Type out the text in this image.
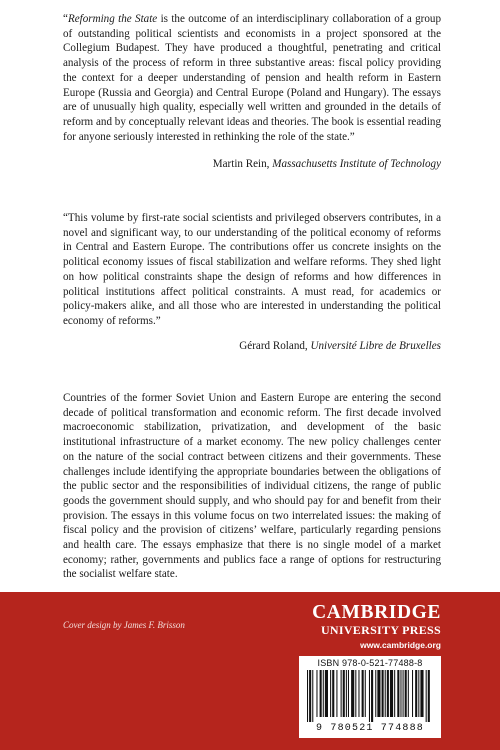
“Reforming the State is the outcome of an interdisciplinary collaboration of a group of outstanding political scientists and economists in a project sponsored at the Collegium Budapest. They have produced a thoughtful, penetrating and critical analysis of the process of reform in three substantive areas: fiscal policy providing the context for a deeper understanding of pension and health reform in Eastern Europe (Russia and Georgia) and Central Europe (Poland and Hungary). The essays are of unusually high quality, especially well written and grounded in the details of reform and by conceptually relevant ideas and theories. The book is essential reading for anyone seriously interested in rethinking the role of the state.”

Martin Rein, Massachusetts Institute of Technology

“This volume by first-rate social scientists and privileged observers contributes, in a novel and significant way, to our understanding of the political economy of reforms in Central and Eastern Europe. The contributions offer us concrete insights on the political economy issues of fiscal stabilization and welfare reforms. They shed light on how political constraints shape the design of reforms and how differences in political institutions affect political constraints. A must read, for academics or policy-makers alike, and all those who are interested in understanding the political economy of reforms.”

Gérard Roland, Université Libre de Bruxelles

Countries of the former Soviet Union and Eastern Europe are entering the second decade of political transformation and economic reform. The first decade involved macroeconomic stabilization, privatization, and development of the basic institutional infrastructure of a market economy. The new policy challenges center on the nature of the social contract between citizens and their governments. These challenges include identifying the appropriate boundaries between the obligations of the public sector and the responsibilities of individual citizens, the range of public goods the government should supply, and who should pay for and benefit from their provision. The essays in this volume focus on two interrelated issues: the making of fiscal policy and the provision of citizens’ welfare, particularly regarding pensions and health care. The essays emphasize that there is no single model of a market economy; rather, governments and publics face a range of options for restructuring the socialist welfare state.

Cover design by James F. Brisson
CAMBRIDGE
UNIVERSITY PRESS
www.cambridge.org
ISBN 978-0-521-77488-8
9 780521 774888
